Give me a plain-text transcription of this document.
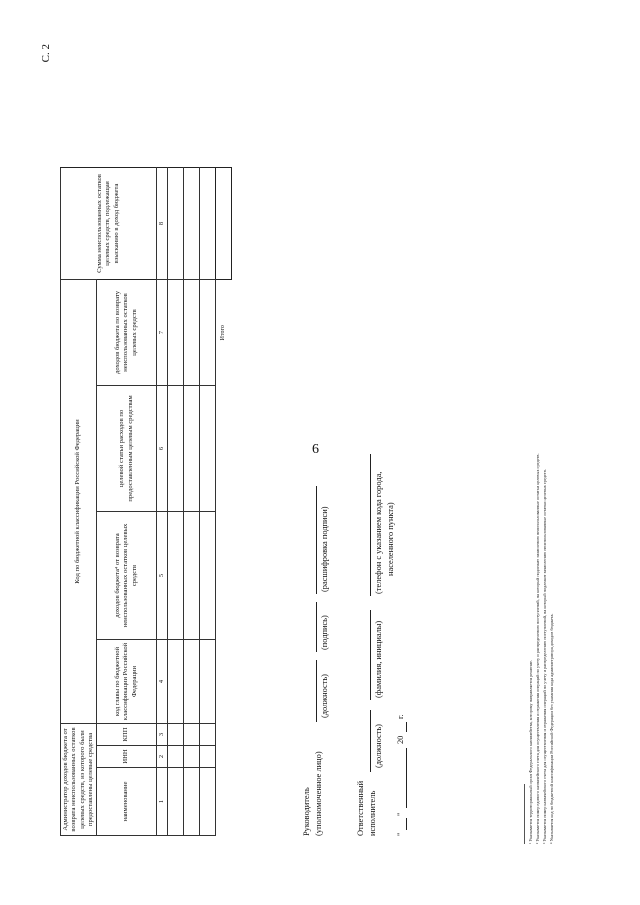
6
С. 2
Администратор доходов бюджета от возврата неиспользованных остатков целевых средств, из которого были предоставлены целевые средства			Код по бюджетной классификации Российской Федерации				Сумма неиспользованных остатков целевых средств, подлежащая взысканию в доход бюджета
наименование	ИНН	КПП	код главы по бюджетной классификации Российской Федерации	доходов бюджета⁴ от возврата неиспользованных остатков целевых средств	целевой статьи расходов по предоставленным целевым средствам	доходов бюджета по возврату неиспользованных остатков целевых средств	
1	2	3	4	5	6	7	8

						Итого	
Руководитель (уполномоченное лицо)
(должность)
(подпись)
(расшифровка подписи)
Ответственный исполнитель
(должность)
(фамилия, инициалы)
(телефон с указанием кода города, населенного пункта)
"
"
20
г.	¹ Указывается территориальный орган Федерального казначейства, которому направляется решение. ² Указывается номер единого казначейского счета для осуществления и отражения операций по учету и распределению поступлений, на который подлежит зачислению неиспользованные остатки целевых средств. ³ Указывается номер казначейского счета для осуществления и отражения операций по учету и распределению поступлений, на который подлежит зачислению неиспользованные остатки целевых средств. ⁴ Указывается код по бюджетной классификации Российской Федерации без указания кода администратора доходов бюджета.
